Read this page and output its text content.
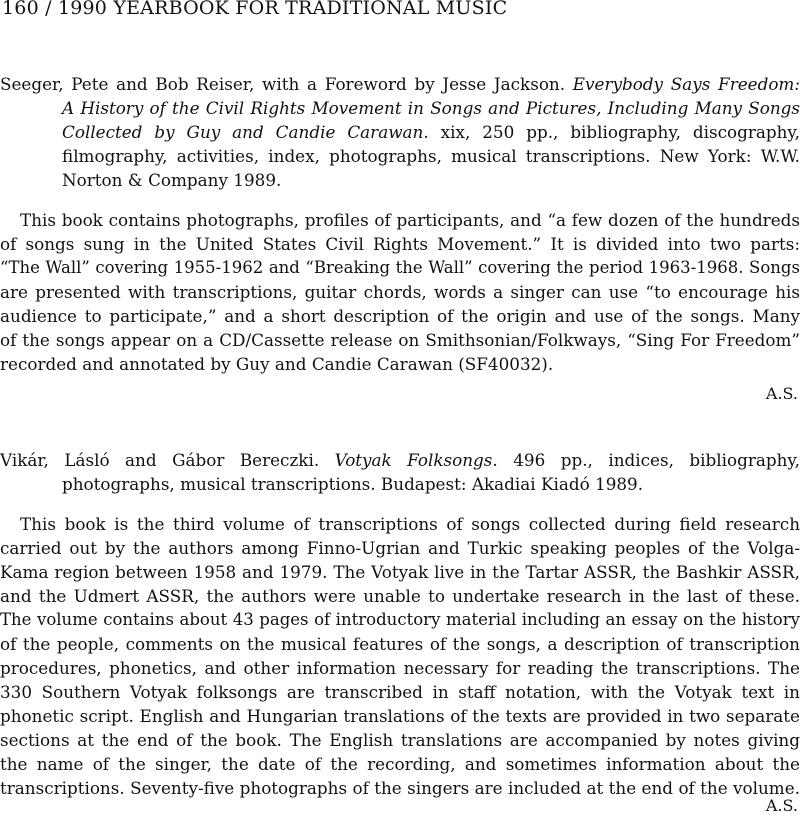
160 / 1990 YEARBOOK FOR TRADITIONAL MUSIC
Seeger, Pete and Bob Reiser, with a Foreword by Jesse Jackson. Everybody Says Freedom:
A History of the Civil Rights Movement in Songs and Pictures, Including Many Songs
Collected by Guy and Candie Carawan. xix, 250 pp., bibliography, discography,
filmography, activities, index, photographs, musical transcriptions. New York: W.W.
Norton & Company 1989.
This book contains photographs, profiles of participants, and “a few dozen of the hundreds
of songs sung in the United States Civil Rights Movement.” It is divided into two parts:
“The Wall” covering 1955-1962 and “Breaking the Wall” covering the period 1963-1968. Songs
are presented with transcriptions, guitar chords, words a singer can use “to encourage his
audience to participate,” and a short description of the origin and use of the songs. Many
of the songs appear on a CD/Cassette release on Smithsonian/Folkways, “Sing For Freedom”
recorded and annotated by Guy and Candie Carawan (SF40032).
A.S.
Vikár, Lásló and Gábor Bereczki. Votyak Folksongs. 496 pp., indices, bibliography,
photographs, musical transcriptions. Budapest: Akadiai Kiadó 1989.
This book is the third volume of transcriptions of songs collected during field research
carried out by the authors among Finno-Ugrian and Turkic speaking peoples of the Volga-
Kama region between 1958 and 1979. The Votyak live in the Tartar ASSR, the Bashkir ASSR,
and the Udmert ASSR, the authors were unable to undertake research in the last of these.
The volume contains about 43 pages of introductory material including an essay on the history
of the people, comments on the musical features of the songs, a description of transcription
procedures, phonetics, and other information necessary for reading the transcriptions. The
330 Southern Votyak folksongs are transcribed in staff notation, with the Votyak text in
phonetic script. English and Hungarian translations of the texts are provided in two separate
sections at the end of the book. The English translations are accompanied by notes giving
the name of the singer, the date of the recording, and sometimes information about the
transcriptions. Seventy-five photographs of the singers are included at the end of the volume.
A.S.
